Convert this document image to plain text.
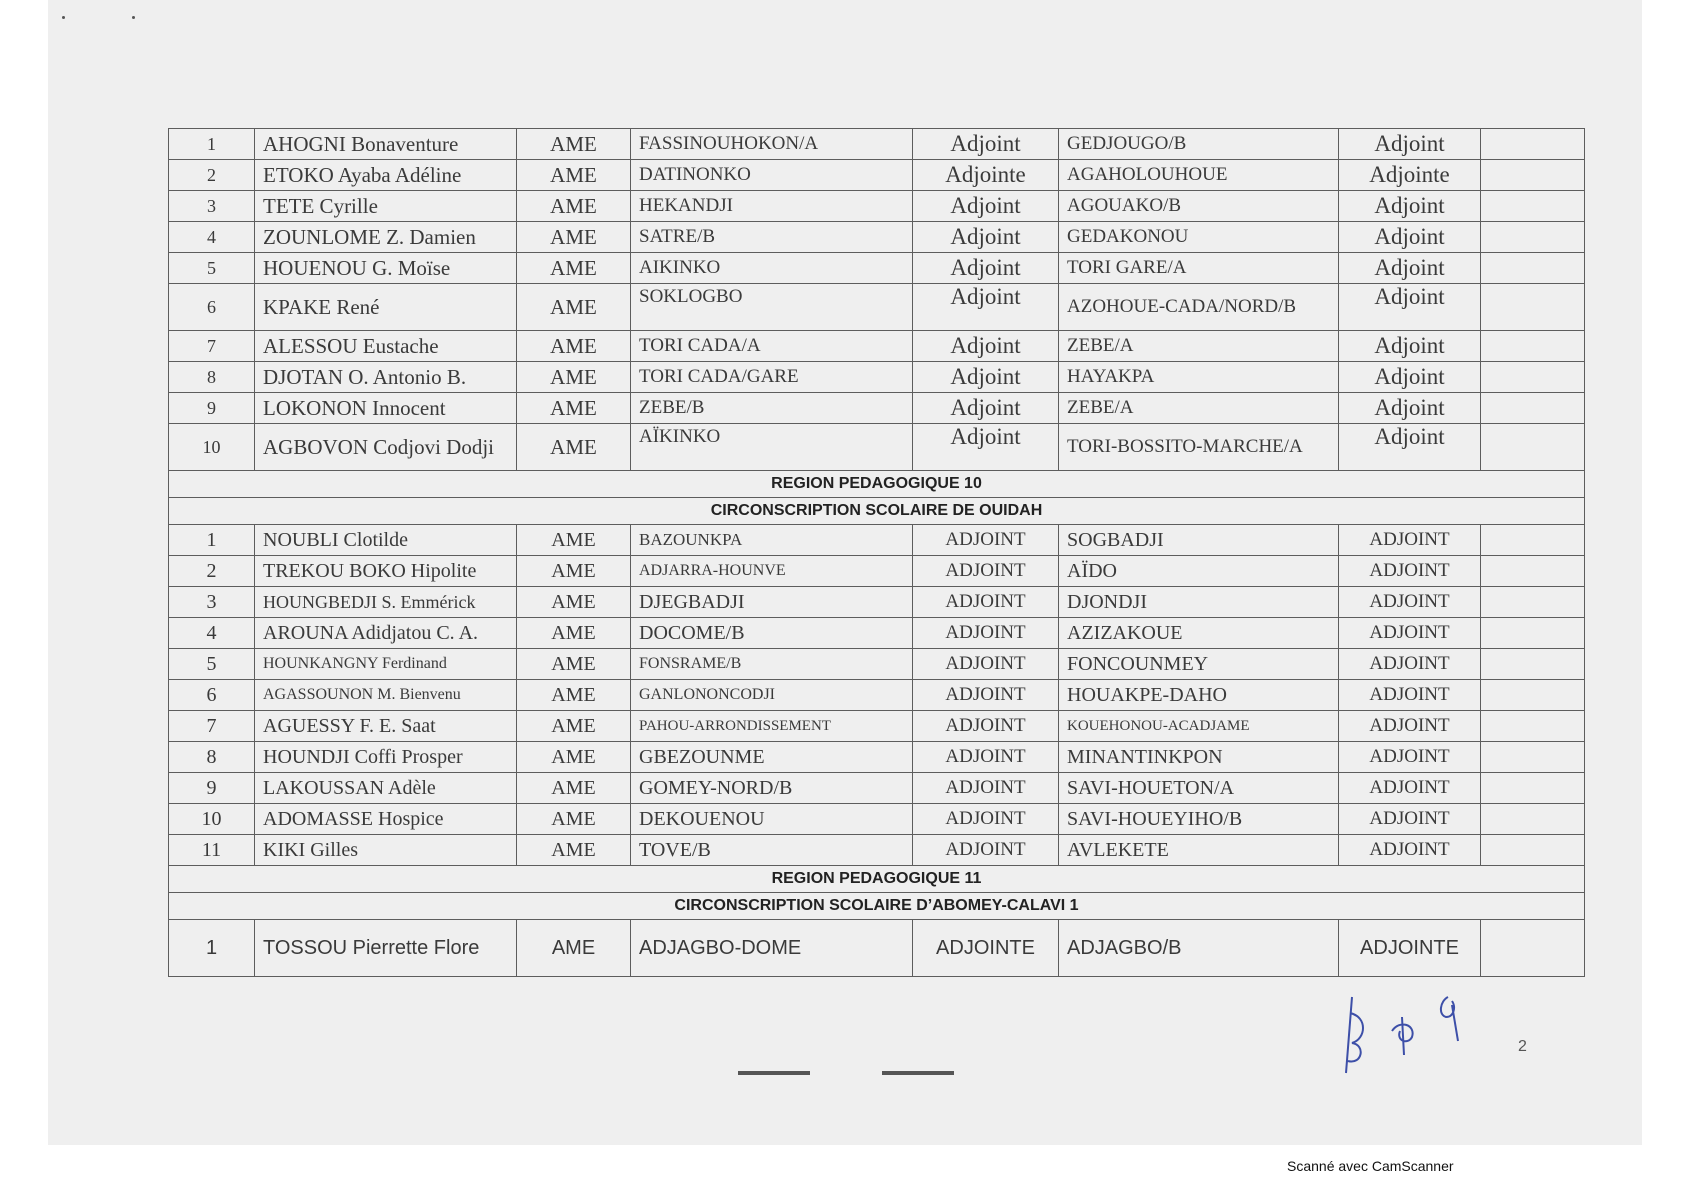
1	AHOGNI Bonaventure	AME	FASSINOUHOKON/A	Adjoint	GEDJOUGO/B	Adjoint	
2	ETOKO Ayaba Adéline	AME	DATINONKO	Adjointe	AGAHOLOUHOUE	Adjointe	
3	TETE Cyrille	AME	HEKANDJI	Adjoint	AGOUAKO/B	Adjoint	
4	ZOUNLOME Z. Damien	AME	SATRE/B	Adjoint	GEDAKONOU	Adjoint	
5	HOUENOU G. Moïse	AME	AIKINKO	Adjoint	TORI GARE/A	Adjoint	
6	KPAKE René	AME	SOKLOGBO	Adjoint	AZOHOUE-CADA/NORD/B	Adjoint	
7	ALESSOU Eustache	AME	TORI CADA/A	Adjoint	ZEBE/A	Adjoint	
8	DJOTAN O. Antonio B.	AME	TORI CADA/GARE	Adjoint	HAYAKPA	Adjoint	
9	LOKONON Innocent	AME	ZEBE/B	Adjoint	ZEBE/A	Adjoint	
10	AGBOVON Codjovi Dodji	AME	AÏKINKO	Adjoint	TORI-BOSSITO-MARCHE/A	Adjoint	
REGION PEDAGOGIQUE 10							
CIRCONSCRIPTION SCOLAIRE DE OUIDAH							
1	NOUBLI Clotilde	AME	BAZOUNKPA	ADJOINT	SOGBADJI	ADJOINT	
2	TREKOU BOKO Hipolite	AME	ADJARRA-HOUNVE	ADJOINT	AÏDO	ADJOINT	
3	HOUNGBEDJI S. Emmérick	AME	DJEGBADJI	ADJOINT	DJONDJI	ADJOINT	
4	AROUNA Adidjatou C. A.	AME	DOCOME/B	ADJOINT	AZIZAKOUE	ADJOINT	
5	HOUNKANGNY Ferdinand	AME	FONSRAME/B	ADJOINT	FONCOUNMEY	ADJOINT	
6	AGASSOUNON M. Bienvenu	AME	GANLONONCODJI	ADJOINT	HOUAKPE-DAHO	ADJOINT	
7	AGUESSY F. E. Saat	AME	PAHOU-ARRONDISSEMENT	ADJOINT	KOUEHONOU-ACADJAME	ADJOINT	
8	HOUNDJI Coffi Prosper	AME	GBEZOUNME	ADJOINT	MINANTINKPON	ADJOINT	
9	LAKOUSSAN Adèle	AME	GOMEY-NORD/B	ADJOINT	SAVI-HOUETON/A	ADJOINT	
10	ADOMASSE Hospice	AME	DEKOUENOU	ADJOINT	SAVI-HOUEYIHO/B	ADJOINT	
11	KIKI Gilles	AME	TOVE/B	ADJOINT	AVLEKETE	ADJOINT	
REGION PEDAGOGIQUE 11							
CIRCONSCRIPTION SCOLAIRE D’ABOMEY-CALAVI 1							
1	TOSSOU Pierrette Flore	AME	ADJAGBO-DOME	ADJOINTE	ADJAGBO/B	ADJOINTE	
2
Scanné avec CamScanner
